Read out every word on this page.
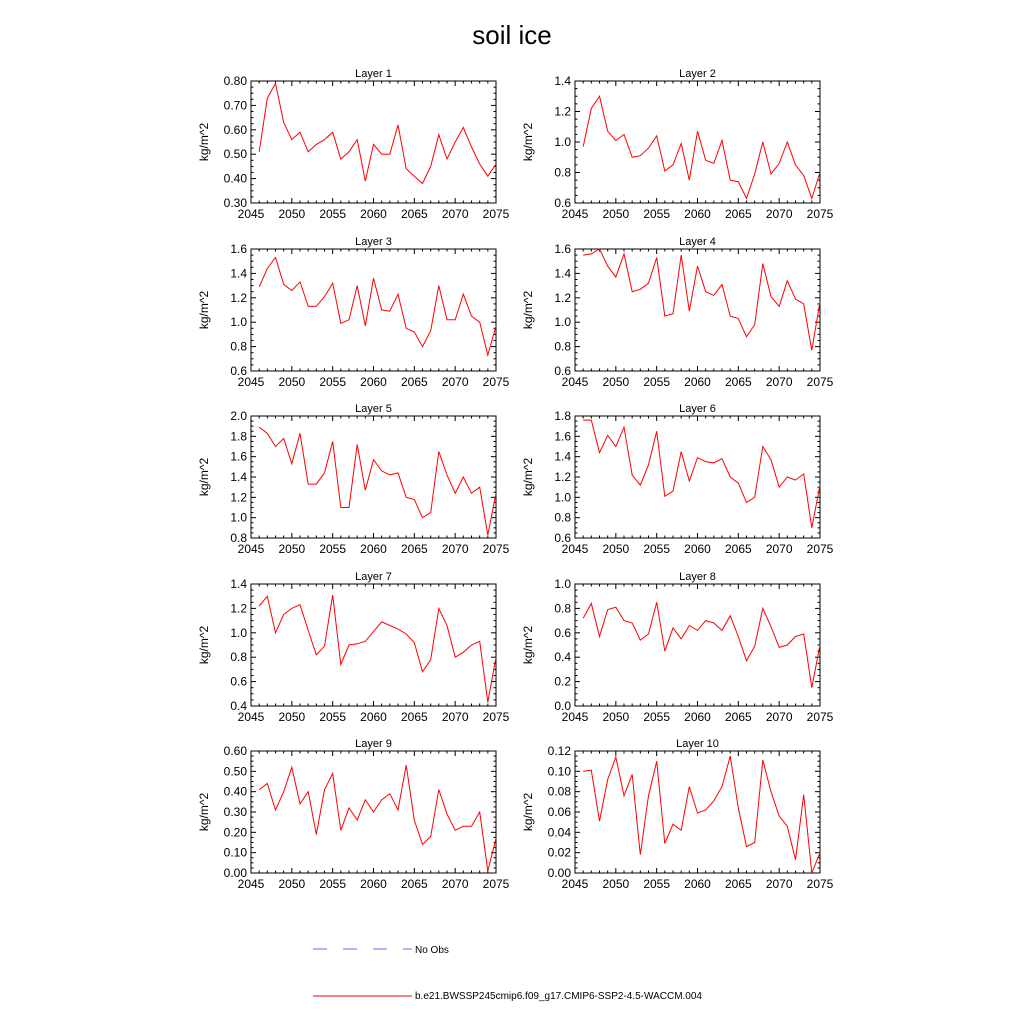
soil ice
Layer 1
kg/m^2
2045 2050 2055 2060 2065 2070 2075
0.30
0.40
0.50
0.60
0.70
0.80	Layer 2
kg/m^2
2045 2050 2055 2060 2065 2070 2075
0.6
0.8
1.0
1.2
1.4
Layer 3
kg/m^2
2045 2050 2055 2060 2065 2070 2075
0.6
0.8
1.0
1.2
1.4
1.6	Layer 4
kg/m^2
2045 2050 2055 2060 2065 2070 2075
0.6
0.8
1.0
1.2
1.4
1.6
Layer 5
kg/m^2
2045 2050 2055 2060 2065 2070 2075
0.8
1.0
1.2
1.4
1.6
1.8
2.0	Layer 6
kg/m^2
2045 2050 2055 2060 2065 2070 2075
0.6
0.8
1.0
1.2
1.4
1.6
1.8
Layer 7
kg/m^2
2045 2050 2055 2060 2065 2070 2075
0.4
0.6
0.8
1.0
1.2
1.4	Layer 8
kg/m^2
2045 2050 2055 2060 2065 2070 2075
0.0
0.2
0.4
0.6
0.8
1.0
Layer 9
kg/m^2
2045 2050 2055 2060 2065 2070 2075
0.00
0.10
0.20
0.30
0.40
0.50
0.60	Layer 10
kg/m^2
2045 2050 2055 2060 2065 2070 2075
0.00
0.02
0.04
0.06
0.08
0.10
0.12
No Obs
b.e21.BWSSP245cmip6.f09_g17.CMIP6-SSP2-4.5-WACCM.004
